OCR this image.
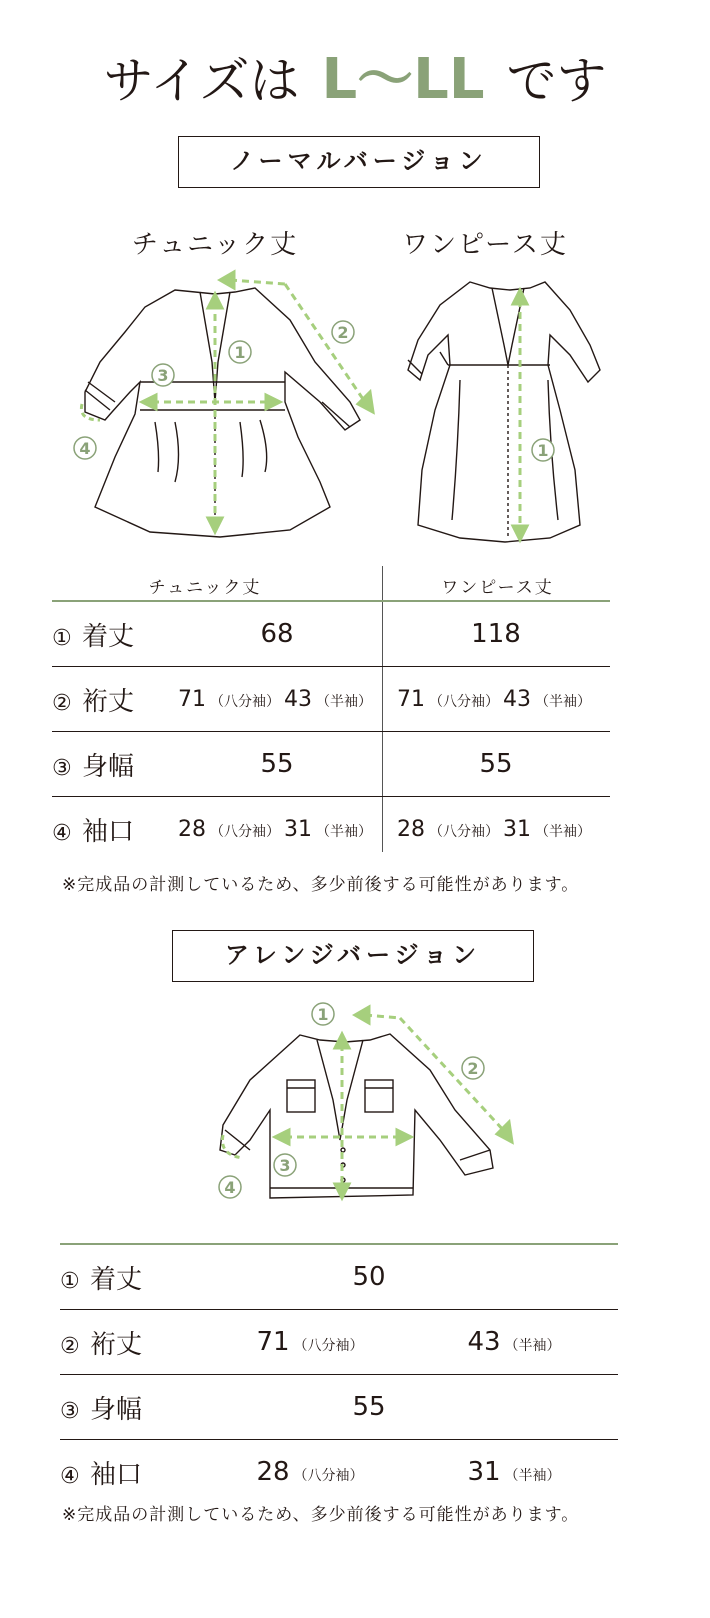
サイズは L～LL です
ノーマルバージョン
チュニック丈	ワンピース丈
1
2
3
4	1
チュニック丈	ワンピース丈
① 着丈	68	118
② 裄丈	71 （八分袖） 43 （半袖）	71 （八分袖） 43 （半袖）
③ 身幅	55	55
④ 袖口	28 （八分袖） 31 （半袖）	28 （八分袖） 31 （半袖）
※完成品の計測しているため、多少前後する可能性があります。
アレンジバージョン
1
2
3
4
① 着丈	50	
② 裄丈	71 （八分袖）	43 （半袖）
③ 身幅	55	
④ 袖口	28 （八分袖）	31 （半袖）
※完成品の計測しているため、多少前後する可能性があります。
